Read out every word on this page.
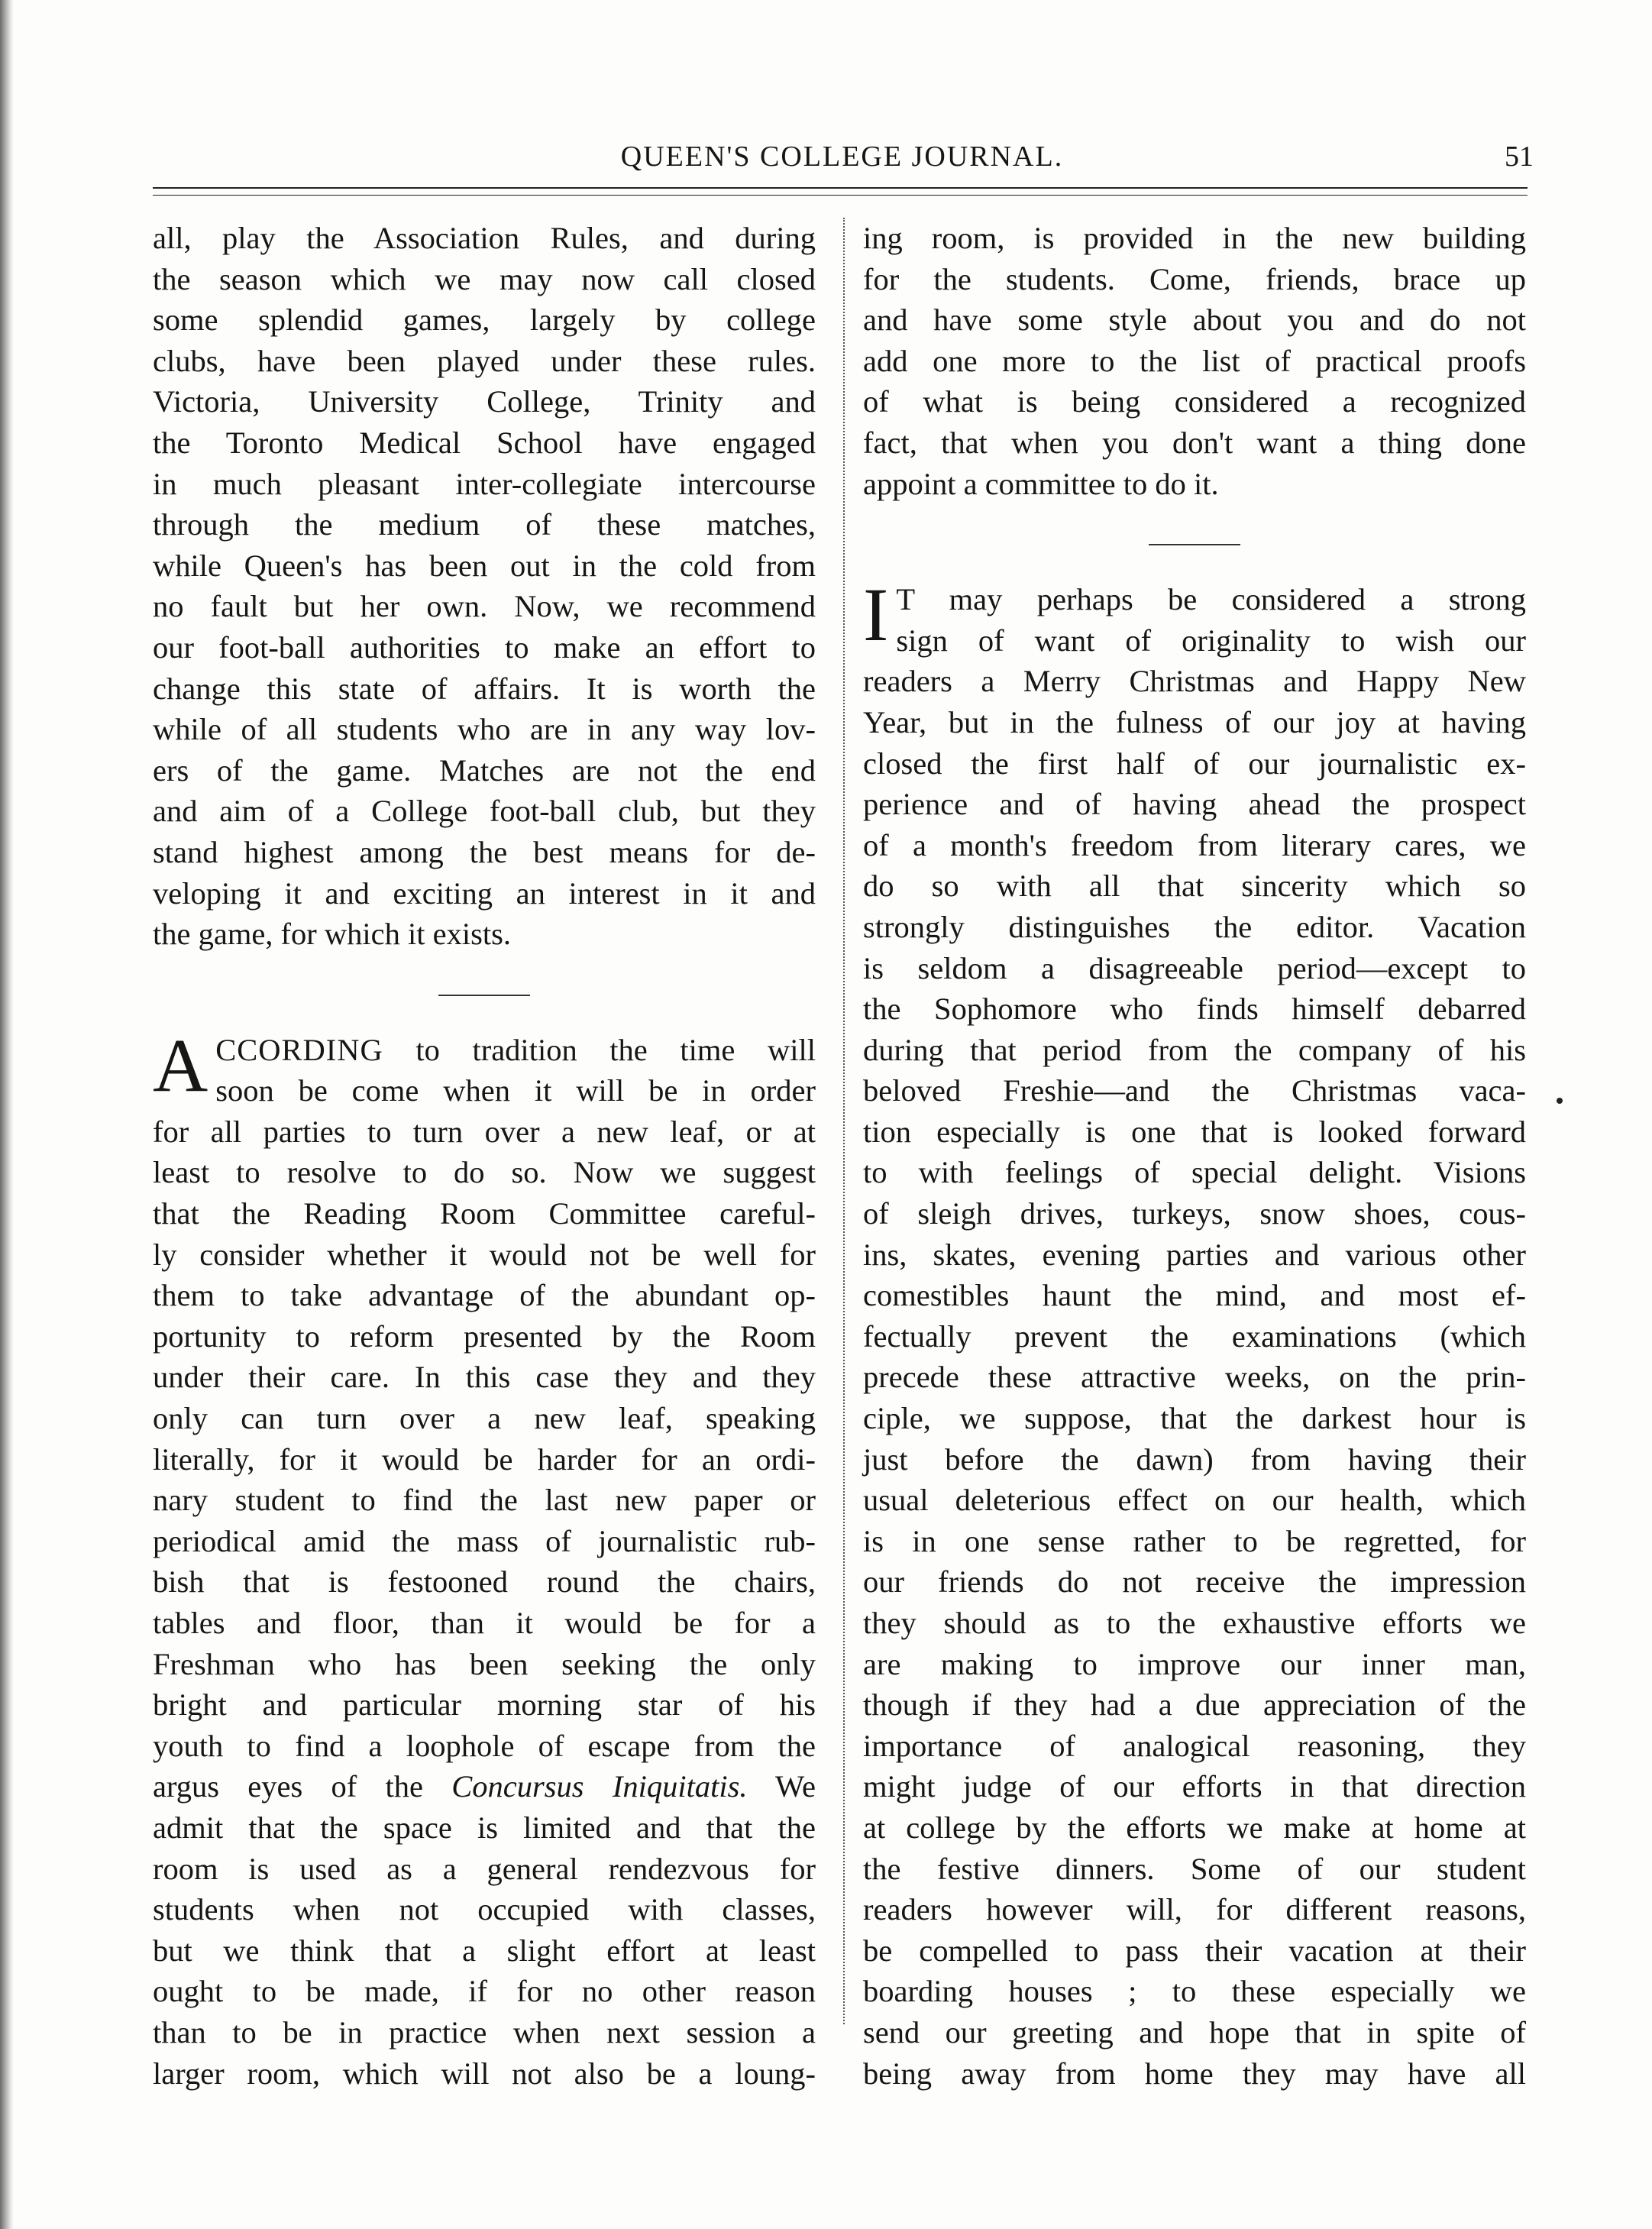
QUEEN'S COLLEGE JOURNAL.	51
all, play the Association Rules, and during
the season which we may now call closed
some splendid games, largely by college
clubs, have been played under these rules.
Victoria, University College, Trinity and
the Toronto Medical School have engaged
in much pleasant inter-collegiate intercourse
through the medium of these matches,
while Queen's has been out in the cold from
no fault but her own. Now, we recommend
our foot-ball authorities to make an effort to
change this state of affairs. It is worth the
while of all students who are in any way lov-
ers of the game. Matches are not the end
and aim of a College foot-ball club, but they
stand highest among the best means for de-
veloping it and exciting an interest in it and
the game, for which it exists.
A CCORDING to tradition the time will
soon be come when it will be in order
for all parties to turn over a new leaf, or at
least to resolve to do so. Now we suggest
that the Reading Room Committee careful-
ly consider whether it would not be well for
them to take advantage of the abundant op-
portunity to reform presented by the Room
under their care. In this case they and they
only can turn over a new leaf, speaking
literally, for it would be harder for an ordi-
nary student to find the last new paper or
periodical amid the mass of journalistic rub-
bish that is festooned round the chairs,
tables and floor, than it would be for a
Freshman who has been seeking the only
bright and particular morning star of his
youth to find a loophole of escape from the
argus eyes of the Concursus Iniquitatis. We
admit that the space is limited and that the
room is used as a general rendezvous for
students when not occupied with classes,
but we think that a slight effort at least
ought to be made, if for no other reason
than to be in practice when next session a
larger room, which will not also be a loung-
ing room, is provided in the new building
for the students. Come, friends, brace up
and have some style about you and do not
add one more to the list of practical proofs
of what is being considered a recognized
fact, that when you don't want a thing done
appoint a committee to do it.
I T may perhaps be considered a strong
sign of want of originality to wish our
readers a Merry Christmas and Happy New
Year, but in the fulness of our joy at having
closed the first half of our journalistic ex-
perience and of having ahead the prospect
of a month's freedom from literary cares, we
do so with all that sincerity which so
strongly distinguishes the editor. Vacation
is seldom a disagreeable period—except to
the Sophomore who finds himself debarred
during that period from the company of his
beloved Freshie—and the Christmas vaca-
tion especially is one that is looked forward
to with feelings of special delight. Visions
of sleigh drives, turkeys, snow shoes, cous-
ins, skates, evening parties and various other
comestibles haunt the mind, and most ef-
fectually prevent the examinations (which
precede these attractive weeks, on the prin-
ciple, we suppose, that the darkest hour is
just before the dawn) from having their
usual deleterious effect on our health, which
is in one sense rather to be regretted, for
our friends do not receive the impression
they should as to the exhaustive efforts we
are making to improve our inner man,
though if they had a due appreciation of the
importance of analogical reasoning, they
might judge of our efforts in that direction
at college by the efforts we make at home at
the festive dinners. Some of our student
readers however will, for different reasons,
be compelled to pass their vacation at their
boarding houses ; to these especially we
send our greeting and hope that in spite of
being away from home they may have all
